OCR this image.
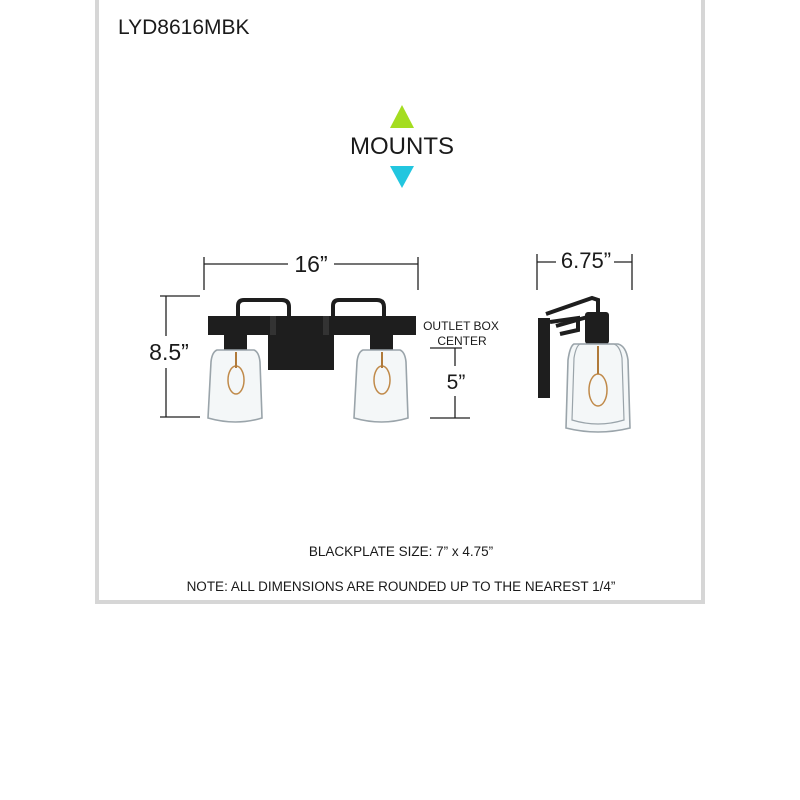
LYD8616MBK
MOUNTS
16”
8.5”
OUTLET BOX
CENTER
5”
6.75”
BLACKPLATE SIZE: 7” x 4.75”
NOTE: ALL DIMENSIONS ARE ROUNDED UP TO THE NEAREST 1/4”
